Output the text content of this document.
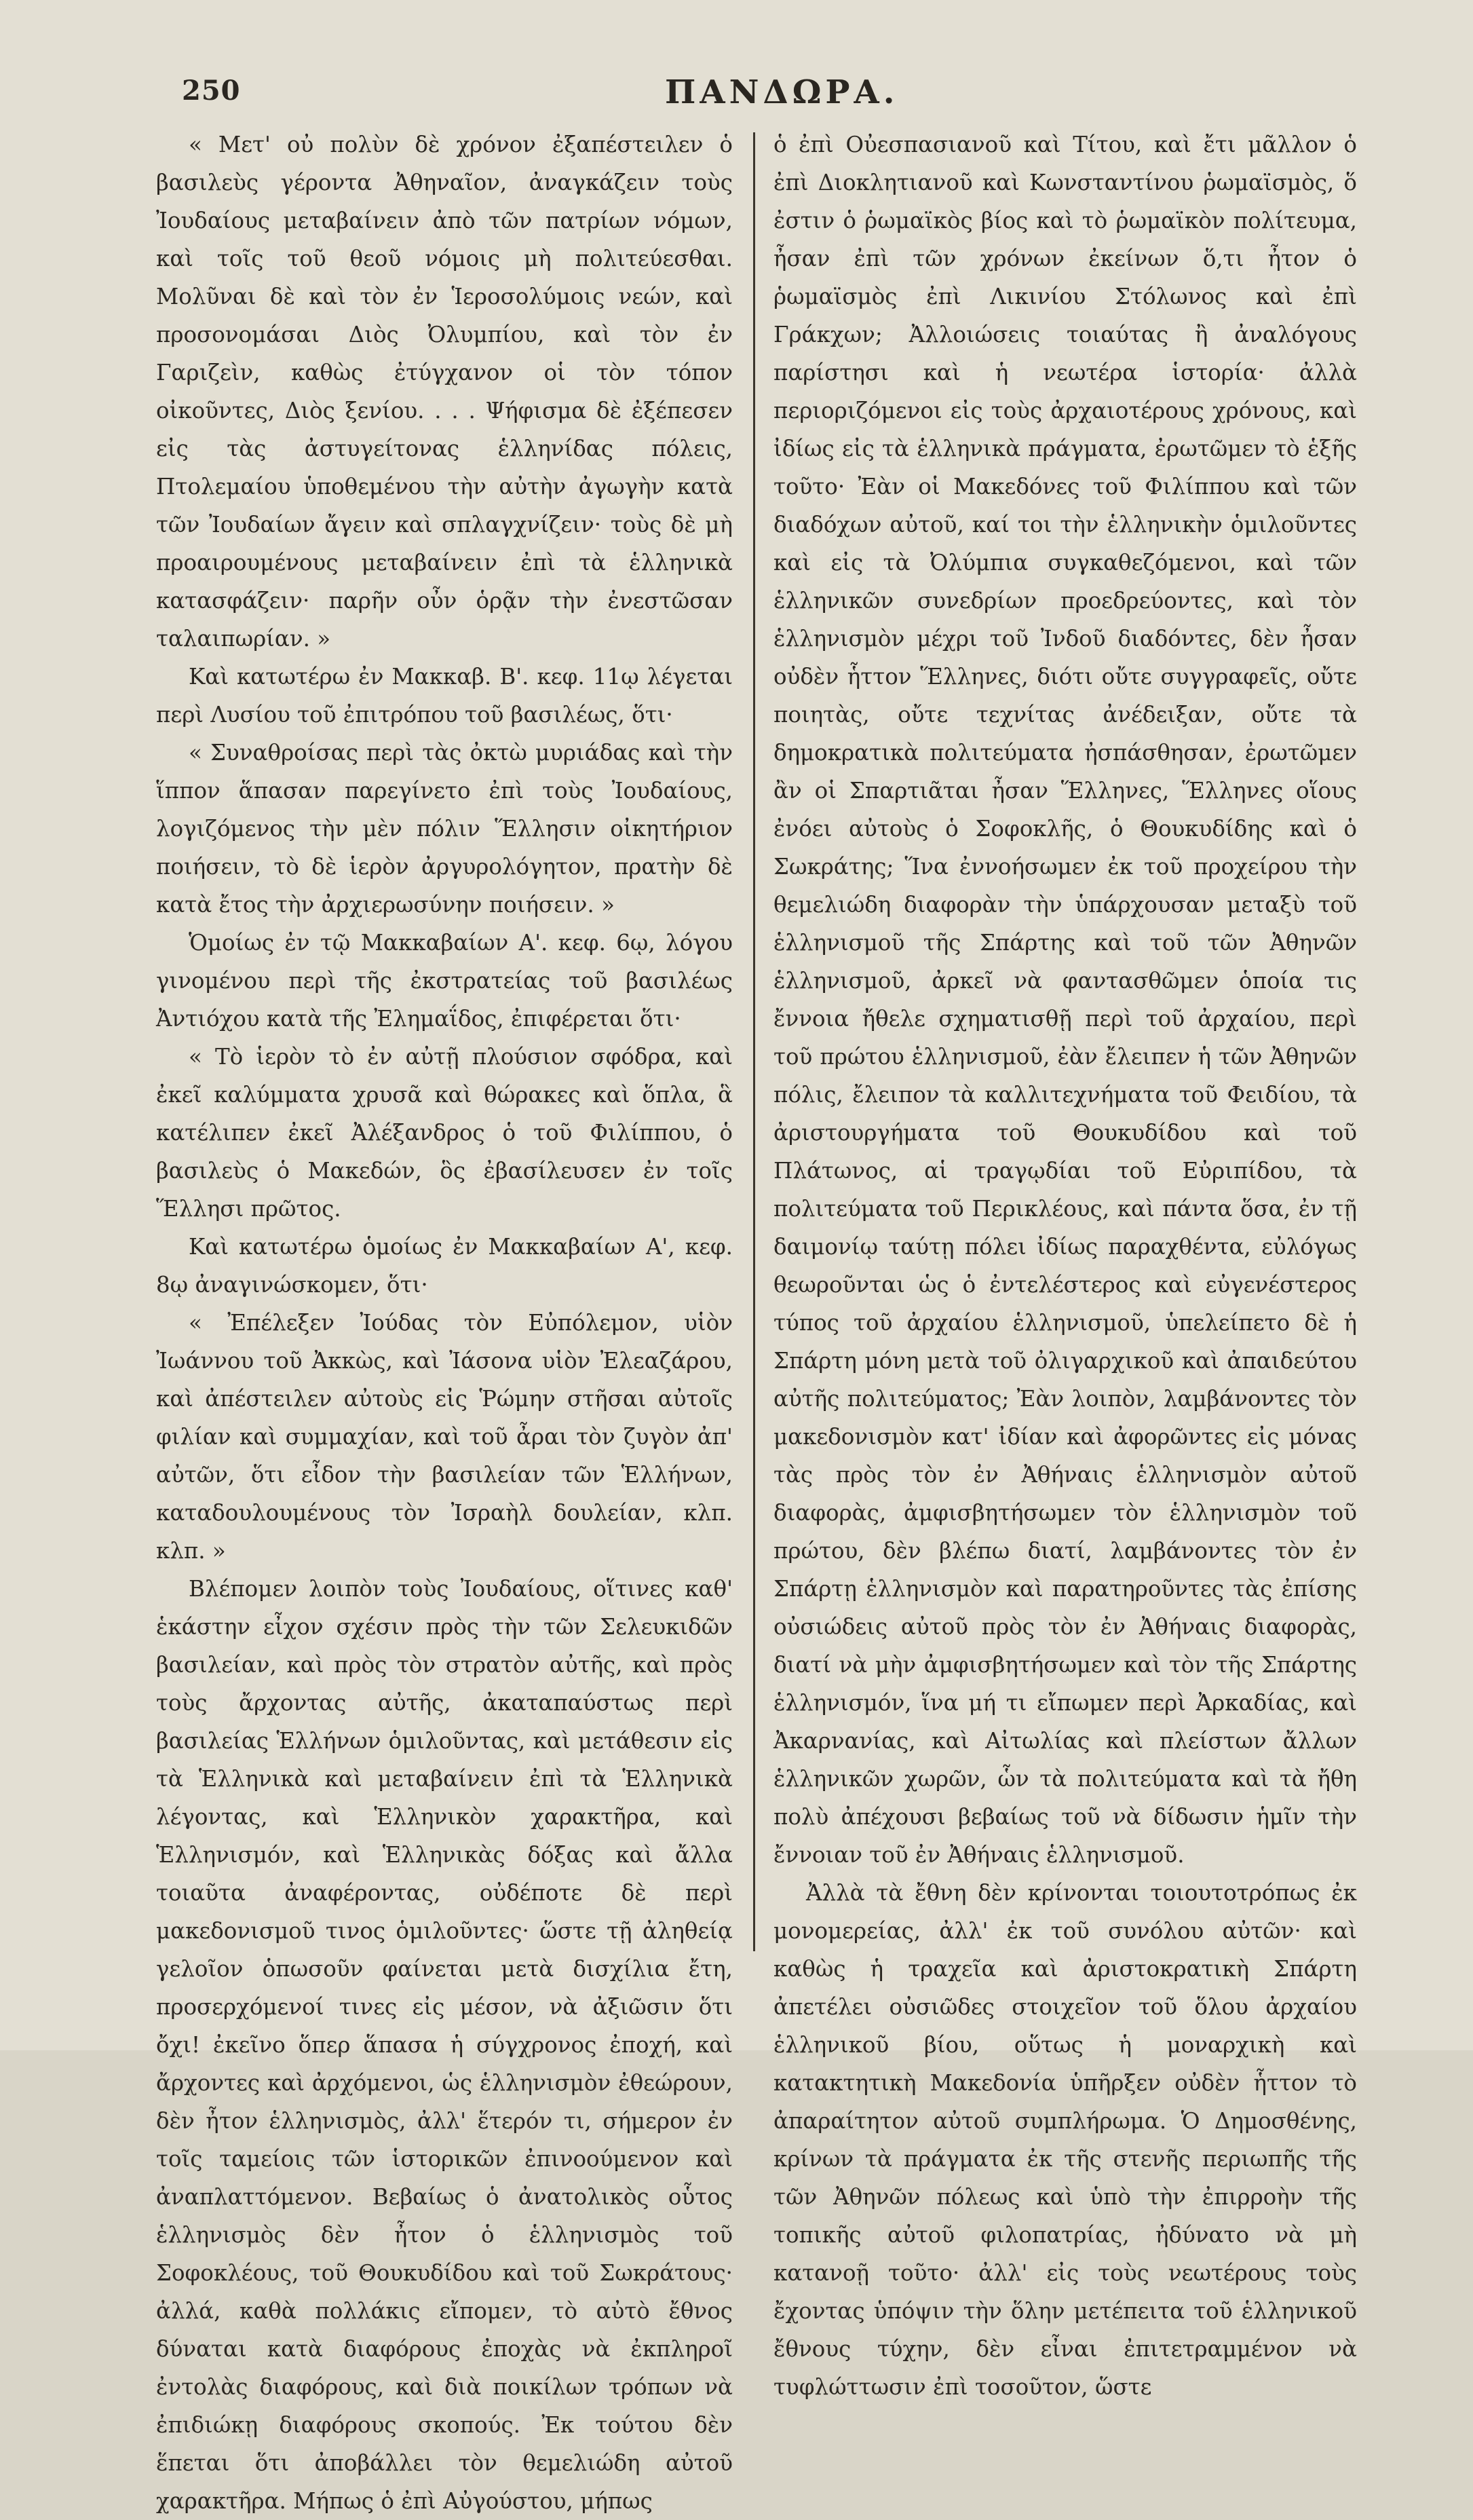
250	ΠΑΝΔΩΡΑ.

« Μετ' οὐ πολὺν δὲ χρόνον ἐξαπέστειλεν ὁ βασιλεὺς γέροντα Ἀθηναῖον, ἀναγκάζειν τοὺς Ἰουδαίους μεταβαίνειν ἀπὸ τῶν πατρίων νόμων, καὶ τοῖς τοῦ θεοῦ νόμοις μὴ πολιτεύεσθαι. Μολῦναι δὲ καὶ τὸν ἐν Ἱεροσολύμοις νεών, καὶ προσονομάσαι Διὸς Ὀλυμπίου, καὶ τὸν ἐν Γαριζεὶν, καθὼς ἐτύγχανον οἱ τὸν τόπον οἰκοῦντες, Διὸς ξενίου. . . . Ψήφισμα δὲ ἐξέπεσεν εἰς τὰς ἀστυγείτονας ἑλληνίδας πόλεις, Πτολεμαίου ὑποθεμένου τὴν αὐτὴν ἀγωγὴν κατὰ τῶν Ἰουδαίων ἄγειν καὶ σπλαγχνίζειν· τοὺς δὲ μὴ προαιρουμένους μεταβαίνειν ἐπὶ τὰ ἑλληνικὰ κατασφάζειν· παρῆν οὖν ὁρᾷν τὴν ἐνεστῶσαν ταλαιπωρίαν. »

Καὶ κατωτέρω ἐν Μακκαβ. Β'. κεφ. 11ῳ λέγεται περὶ Λυσίου τοῦ ἐπιτρόπου τοῦ βασιλέως, ὅτι·

« Συναθροίσας περὶ τὰς ὀκτὼ μυριάδας καὶ τὴν ἵππον ἅπασαν παρεγίνετο ἐπὶ τοὺς Ἰουδαίους, λογιζόμενος τὴν μὲν πόλιν Ἕλλησιν οἰκητήριον ποιήσειν, τὸ δὲ ἱερὸν ἀργυρολόγητον, πρατὴν δὲ κατὰ ἔτος τὴν ἀρχιερωσύνην ποιήσειν. »

Ὁμοίως ἐν τῷ Μακκαβαίων Α'. κεφ. 6ῳ, λόγου γινομένου περὶ τῆς ἐκστρατείας τοῦ βασιλέως Ἀντιόχου κατὰ τῆς Ἐλημαΐδος, ἐπιφέρεται ὅτι·

« Τὸ ἱερὸν τὸ ἐν αὐτῇ πλούσιον σφόδρα, καὶ ἐκεῖ καλύμματα χρυσᾶ καὶ θώρακες καὶ ὅπλα, ἃ κατέλιπεν ἐκεῖ Ἀλέξανδρος ὁ τοῦ Φιλίππου, ὁ βασιλεὺς ὁ Μακεδών, ὃς ἐβασίλευσεν ἐν τοῖς Ἕλλησι πρῶτος.

Καὶ κατωτέρω ὁμοίως ἐν Μακκαβαίων Α', κεφ. 8ῳ ἀναγινώσκομεν, ὅτι·

« Ἐπέλεξεν Ἰούδας τὸν Εὐπόλεμον, υἱὸν Ἰωάννου τοῦ Ἀκκὼς, καὶ Ἰάσονα υἱὸν Ἐλεαζάρου, καὶ ἀπέστειλεν αὐτοὺς εἰς Ῥώμην στῆσαι αὐτοῖς φιλίαν καὶ συμμαχίαν, καὶ τοῦ ἆραι τὸν ζυγὸν ἀπ' αὐτῶν, ὅτι εἶδον τὴν βασιλείαν τῶν Ἑλλήνων, καταδουλουμένους τὸν Ἰσραὴλ δουλείαν, κλπ. κλπ. »

Βλέπομεν λοιπὸν τοὺς Ἰουδαίους, οἵτινες καθ' ἑκάστην εἶχον σχέσιν πρὸς τὴν τῶν Σελευκιδῶν βασιλείαν, καὶ πρὸς τὸν στρατὸν αὐτῆς, καὶ πρὸς τοὺς ἄρχοντας αὐτῆς, ἀκαταπαύστως περὶ βασιλείας Ἑλλήνων ὁμιλοῦντας, καὶ μετάθεσιν εἰς τὰ Ἑλληνικὰ καὶ μεταβαίνειν ἐπὶ τὰ Ἑλληνικὰ λέγοντας, καὶ Ἑλληνικὸν χαρακτῆρα, καὶ Ἑλληνισμόν, καὶ Ἑλληνικὰς δόξας καὶ ἄλλα τοιαῦτα ἀναφέροντας, οὐδέποτε δὲ περὶ μακεδονισμοῦ τινος ὁμιλοῦντες· ὥστε τῇ ἀληθείᾳ γελοῖον ὁπωσοῦν φαίνεται μετὰ δισχίλια ἔτη, προσερχόμενοί τινες εἰς μέσον, νὰ ἀξιῶσιν ὅτι ὄχι! ἐκεῖνο ὅπερ ἅπασα ἡ σύγχρονος ἐποχή, καὶ ἄρχοντες καὶ ἀρχόμενοι, ὡς ἑλληνισμὸν ἐθεώρουν, δὲν ἦτον ἑλληνισμὸς, ἀλλ' ἕτερόν τι, σήμερον ἐν τοῖς ταμείοις τῶν ἱστορικῶν ἐπινοούμενον καὶ ἀναπλαττόμενον. Βεβαίως ὁ ἀνατολικὸς οὗτος ἑλληνισμὸς δὲν ἦτον ὁ ἑλληνισμὸς τοῦ Σοφοκλέους, τοῦ Θουκυδίδου καὶ τοῦ Σωκράτους· ἀλλά, καθὰ πολλάκις εἴπομεν, τὸ αὐτὸ ἔθνος δύναται κατὰ διαφόρους ἐποχὰς νὰ ἐκπληροῖ ἐντολὰς διαφόρους, καὶ διὰ ποικίλων τρόπων νὰ ἐπιδιώκῃ διαφόρους σκοπούς. Ἐκ τούτου δὲν ἕπεται ὅτι ἀποβάλλει τὸν θεμελιώδη αὐτοῦ χαρακτῆρα. Μήπως ὁ ἐπὶ Αὐγούστου, μήπως

ὁ ἐπὶ Οὐεσπασιανοῦ καὶ Τίτου, καὶ ἔτι μᾶλλον ὁ ἐπὶ Διοκλητιανοῦ καὶ Κωνσταντίνου ῥωμαϊσμὸς, ὅ ἐστιν ὁ ῥωμαϊκὸς βίος καὶ τὸ ῥωμαϊκὸν πολίτευμα, ἦσαν ἐπὶ τῶν χρόνων ἐκείνων ὅ,τι ἦτον ὁ ῥωμαϊσμὸς ἐπὶ Λικινίου Στόλωνος καὶ ἐπὶ Γράκχων; Ἀλλοιώσεις τοιαύτας ἢ ἀναλόγους παρίστησι καὶ ἡ νεωτέρα ἱστορία· ἀλλὰ περιοριζόμενοι εἰς τοὺς ἀρχαιοτέρους χρόνους, καὶ ἰδίως εἰς τὰ ἑλληνικὰ πράγματα, ἐρωτῶμεν τὸ ἑξῆς τοῦτο· Ἐὰν οἱ Μακεδόνες τοῦ Φιλίππου καὶ τῶν διαδόχων αὐτοῦ, καί τοι τὴν ἑλληνικὴν ὁμιλοῦντες καὶ εἰς τὰ Ὀλύμπια συγκαθεζόμενοι, καὶ τῶν ἑλληνικῶν συνεδρίων προεδρεύοντες, καὶ τὸν ἑλληνισμὸν μέχρι τοῦ Ἰνδοῦ διαδόντες, δὲν ἦσαν οὐδὲν ἧττον Ἕλληνες, διότι οὔτε συγγραφεῖς, οὔτε ποιητὰς, οὔτε τεχνίτας ἀνέδειξαν, οὔτε τὰ δημοκρατικὰ πολιτεύματα ἠσπάσθησαν, ἐρωτῶμεν ἂν οἱ Σπαρτιᾶται ἦσαν Ἕλληνες, Ἕλληνες οἵους ἐνόει αὐτοὺς ὁ Σοφοκλῆς, ὁ Θουκυδίδης καὶ ὁ Σωκράτης; Ἵνα ἐννοήσωμεν ἐκ τοῦ προχείρου τὴν θεμελιώδη διαφορὰν τὴν ὑπάρχουσαν μεταξὺ τοῦ ἑλληνισμοῦ τῆς Σπάρτης καὶ τοῦ τῶν Ἀθηνῶν ἑλληνισμοῦ, ἀρκεῖ νὰ φαντασθῶμεν ὁποία τις ἔννοια ἤθελε σχηματισθῇ περὶ τοῦ ἀρχαίου, περὶ τοῦ πρώτου ἑλληνισμοῦ, ἐὰν ἔλειπεν ἡ τῶν Ἀθηνῶν πόλις, ἔλειπον τὰ καλλιτεχνήματα τοῦ Φειδίου, τὰ ἀριστουργήματα τοῦ Θουκυδίδου καὶ τοῦ Πλάτωνος, αἱ τραγῳδίαι τοῦ Εὐριπίδου, τὰ πολιτεύματα τοῦ Περικλέους, καὶ πάντα ὅσα, ἐν τῇ δαιμονίῳ ταύτῃ πόλει ἰδίως παραχθέντα, εὐλόγως θεωροῦνται ὡς ὁ ἐντελέστερος καὶ εὐγενέστερος τύπος τοῦ ἀρχαίου ἑλληνισμοῦ, ὑπελείπετο δὲ ἡ Σπάρτη μόνη μετὰ τοῦ ὀλιγαρχικοῦ καὶ ἀπαιδεύτου αὐτῆς πολιτεύματος; Ἐὰν λοιπὸν, λαμβάνοντες τὸν μακεδονισμὸν κατ' ἰδίαν καὶ ἀφορῶντες εἰς μόνας τὰς πρὸς τὸν ἐν Ἀθήναις ἑλληνισμὸν αὐτοῦ διαφορὰς, ἀμφισβητήσωμεν τὸν ἑλληνισμὸν τοῦ πρώτου, δὲν βλέπω διατί, λαμβάνοντες τὸν ἐν Σπάρτῃ ἑλληνισμὸν καὶ παρατηροῦντες τὰς ἐπίσης οὐσιώδεις αὐτοῦ πρὸς τὸν ἐν Ἀθήναις διαφορὰς, διατί νὰ μὴν ἀμφισβητήσωμεν καὶ τὸν τῆς Σπάρτης ἑλληνισμόν, ἵνα μή τι εἴπωμεν περὶ Ἀρκαδίας, καὶ Ἀκαρνανίας, καὶ Αἰτωλίας καὶ πλείστων ἄλλων ἑλληνικῶν χωρῶν, ὧν τὰ πολιτεύματα καὶ τὰ ἤθη πολὺ ἀπέχουσι βεβαίως τοῦ νὰ δίδωσιν ἡμῖν τὴν ἔννοιαν τοῦ ἐν Ἀθήναις ἑλληνισμοῦ.

Ἀλλὰ τὰ ἔθνη δὲν κρίνονται τοιουτοτρόπως ἐκ μονομερείας, ἀλλ' ἐκ τοῦ συνόλου αὐτῶν· καὶ καθὼς ἡ τραχεῖα καὶ ἀριστοκρατικὴ Σπάρτη ἀπετέλει οὐσιῶδες στοιχεῖον τοῦ ὅλου ἀρχαίου ἑλληνικοῦ βίου, οὕτως ἡ μοναρχικὴ καὶ κατακτητικὴ Μακεδονία ὑπῆρξεν οὐδὲν ἧττον τὸ ἀπαραίτητον αὐτοῦ συμπλήρωμα. Ὁ Δημοσθένης, κρίνων τὰ πράγματα ἐκ τῆς στενῆς περιωπῆς τῆς τῶν Ἀθηνῶν πόλεως καὶ ὑπὸ τὴν ἐπιρροὴν τῆς τοπικῆς αὐτοῦ φιλοπατρίας, ἠδύνατο νὰ μὴ κατανοῇ τοῦτο· ἀλλ' εἰς τοὺς νεωτέρους τοὺς ἔχοντας ὑπόψιν τὴν ὅλην μετέπειτα τοῦ ἑλληνικοῦ ἔθνους τύχην, δὲν εἶναι ἐπιτετραμμένον νὰ τυφλώττωσιν ἐπὶ τοσοῦτον, ὥστε
